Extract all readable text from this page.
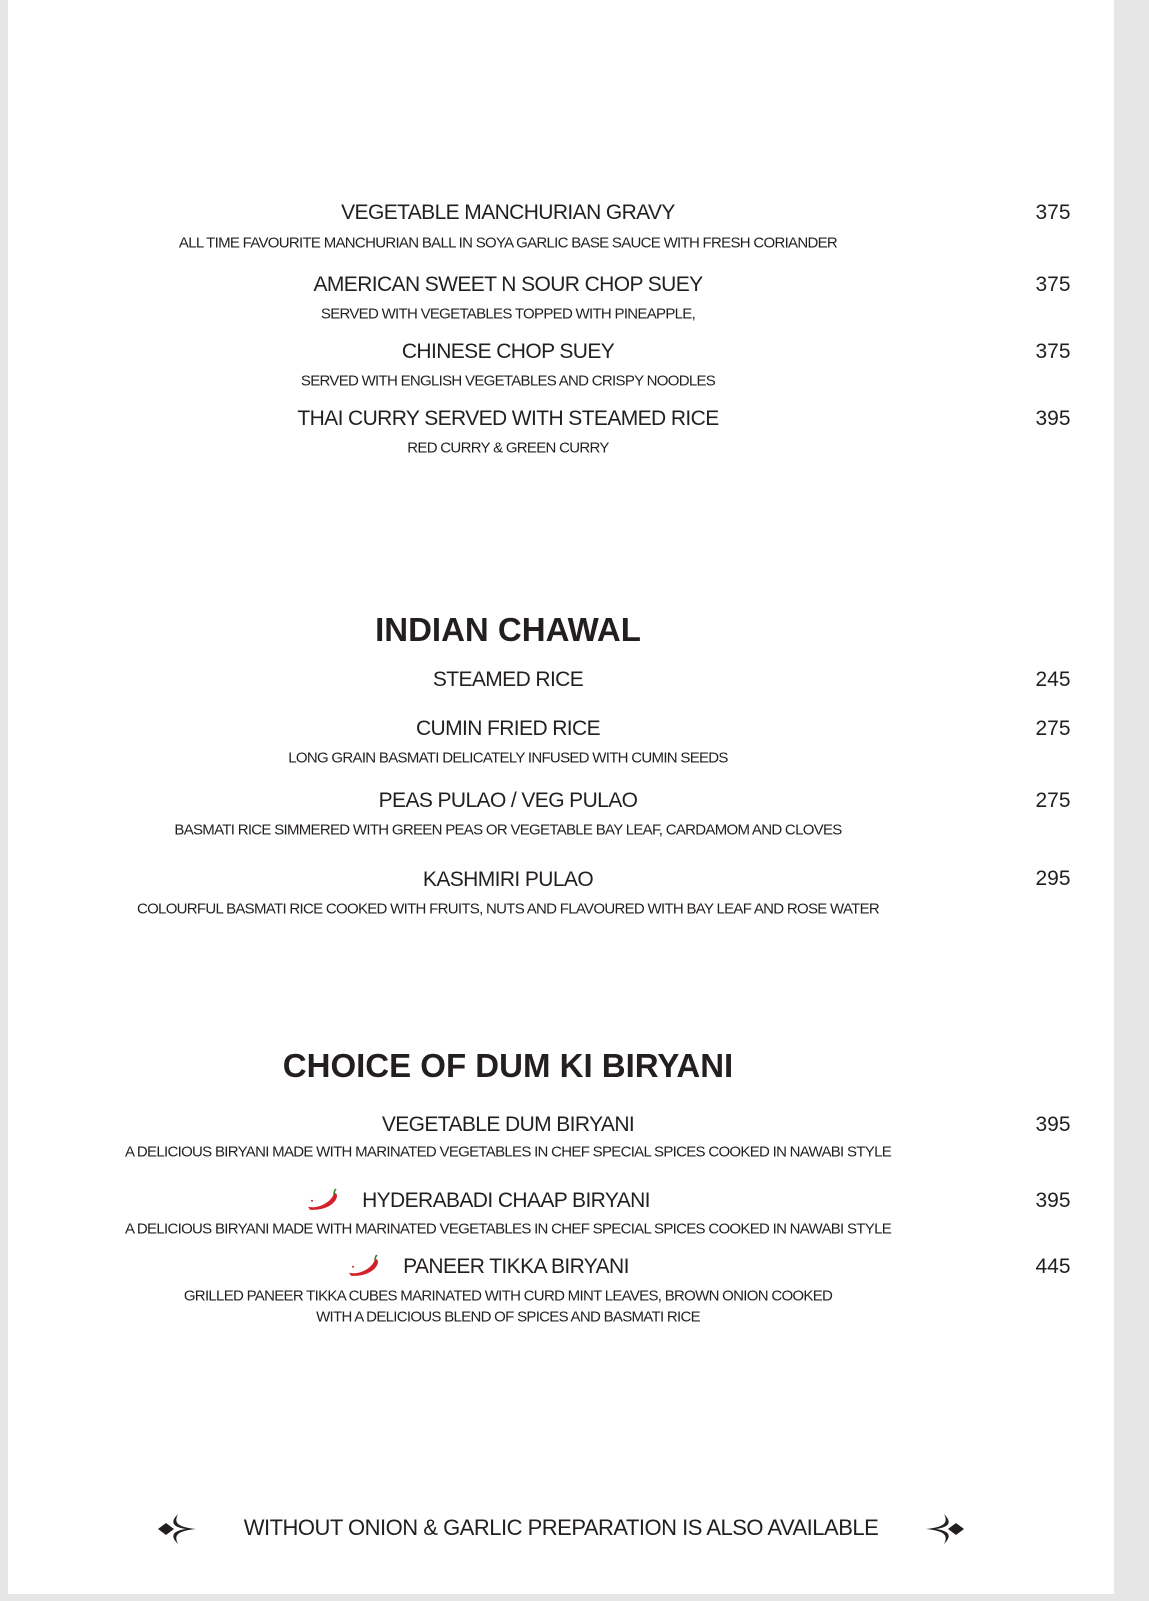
VEGETABLE MANCHURIAN GRAVY	375
ALL TIME FAVOURITE MANCHURIAN BALL IN SOYA GARLIC BASE SAUCE WITH FRESH CORIANDER
AMERICAN SWEET N SOUR CHOP SUEY	375
SERVED WITH VEGETABLES TOPPED WITH PINEAPPLE,
CHINESE CHOP SUEY	375
SERVED WITH ENGLISH VEGETABLES AND CRISPY NOODLES
THAI CURRY SERVED WITH STEAMED RICE	395
RED CURRY & GREEN CURRY
INDIAN CHAWAL
STEAMED RICE	245
CUMIN FRIED RICE	275
LONG GRAIN BASMATI DELICATELY INFUSED WITH CUMIN SEEDS
PEAS PULAO / VEG PULAO	275
BASMATI RICE SIMMERED WITH GREEN PEAS OR VEGETABLE BAY LEAF, CARDAMOM AND CLOVES
KASHMIRI PULAO	295
COLOURFUL BASMATI RICE COOKED WITH FRUITS, NUTS AND FLAVOURED WITH BAY LEAF AND ROSE WATER
CHOICE OF DUM KI BIRYANI
VEGETABLE DUM BIRYANI	395
A DELICIOUS BIRYANI MADE WITH MARINATED VEGETABLES IN CHEF SPECIAL SPICES COOKED IN NAWABI STYLE
HYDERABADI CHAAP BIRYANI	395
A DELICIOUS BIRYANI MADE WITH MARINATED VEGETABLES IN CHEF SPECIAL SPICES COOKED IN NAWABI STYLE
PANEER TIKKA BIRYANI	445
GRILLED PANEER TIKKA CUBES MARINATED WITH CURD MINT LEAVES, BROWN ONION COOKED
WITH A DELICIOUS BLEND OF SPICES AND BASMATI RICE
WITHOUT ONION & GARLIC PREPARATION IS ALSO AVAILABLE
